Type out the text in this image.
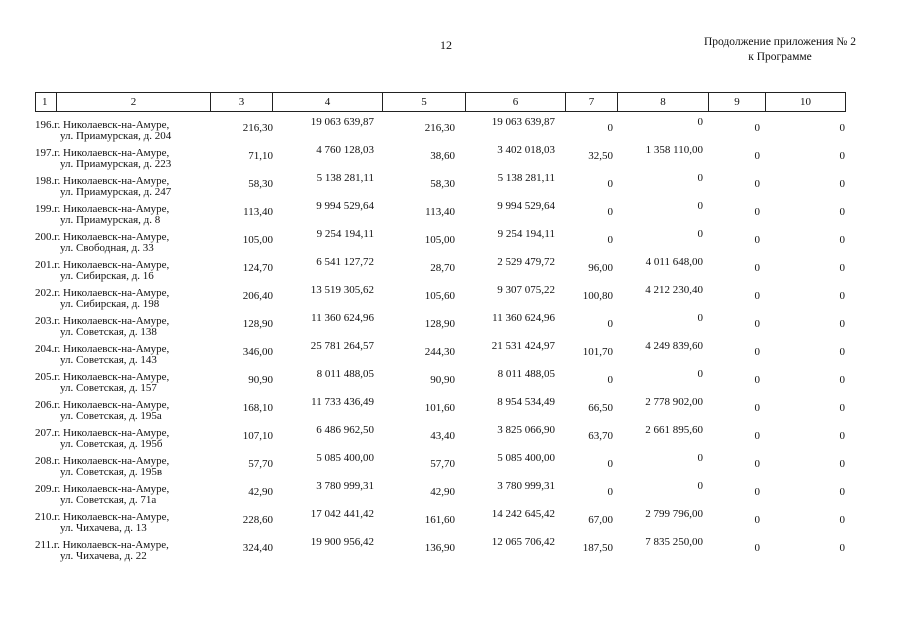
12	Продолжение приложения № 2
к Программе
1	2	3	4	5	6	7	8	9	10
196.г. Николаевск-на-Амуре,
ул. Приамурская, д. 204
216,30	19 063 639,87	216,30	19 063 639,87	0	0	0	0
197.г. Николаевск-на-Амуре,
ул. Приамурская, д. 223
71,10	4 760 128,03	38,60	3 402 018,03	32,50	1 358 110,00	0	0
198.г. Николаевск-на-Амуре,
ул. Приамурская, д. 247
58,30	5 138 281,11	58,30	5 138 281,11	0	0	0	0
199.г. Николаевск-на-Амуре,
ул. Приамурская, д. 8
113,40	9 994 529,64	113,40	9 994 529,64	0	0	0	0
200.г. Николаевск-на-Амуре,
ул. Свободная, д. 33
105,00	9 254 194,11	105,00	9 254 194,11	0	0	0	0
201.г. Николаевск-на-Амуре,
ул. Сибирская, д. 16
124,70	6 541 127,72	28,70	2 529 479,72	96,00	4 011 648,00	0	0
202.г. Николаевск-на-Амуре,
ул. Сибирская, д. 198
206,40	13 519 305,62	105,60	9 307 075,22	100,80	4 212 230,40	0	0
203.г. Николаевск-на-Амуре,
ул. Советская, д. 138
128,90	11 360 624,96	128,90	11 360 624,96	0	0	0	0
204.г. Николаевск-на-Амуре,
ул. Советская, д. 143
346,00	25 781 264,57	244,30	21 531 424,97	101,70	4 249 839,60	0	0
205.г. Николаевск-на-Амуре,
ул. Советская, д. 157
90,90	8 011 488,05	90,90	8 011 488,05	0	0	0	0
206.г. Николаевск-на-Амуре,
ул. Советская, д. 195а
168,10	11 733 436,49	101,60	8 954 534,49	66,50	2 778 902,00	0	0
207.г. Николаевск-на-Амуре,
ул. Советская, д. 195б
107,10	6 486 962,50	43,40	3 825 066,90	63,70	2 661 895,60	0	0
208.г. Николаевск-на-Амуре,
ул. Советская, д. 195в
57,70	5 085 400,00	57,70	5 085 400,00	0	0	0	0
209.г. Николаевск-на-Амуре,
ул. Советская, д. 71а
42,90	3 780 999,31	42,90	3 780 999,31	0	0	0	0
210.г. Николаевск-на-Амуре,
ул. Чихачева, д. 13
228,60	17 042 441,42	161,60	14 242 645,42	67,00	2 799 796,00	0	0
211.г. Николаевск-на-Амуре,
ул. Чихачева, д. 22
324,40	19 900 956,42	136,90	12 065 706,42	187,50	7 835 250,00	0	0
